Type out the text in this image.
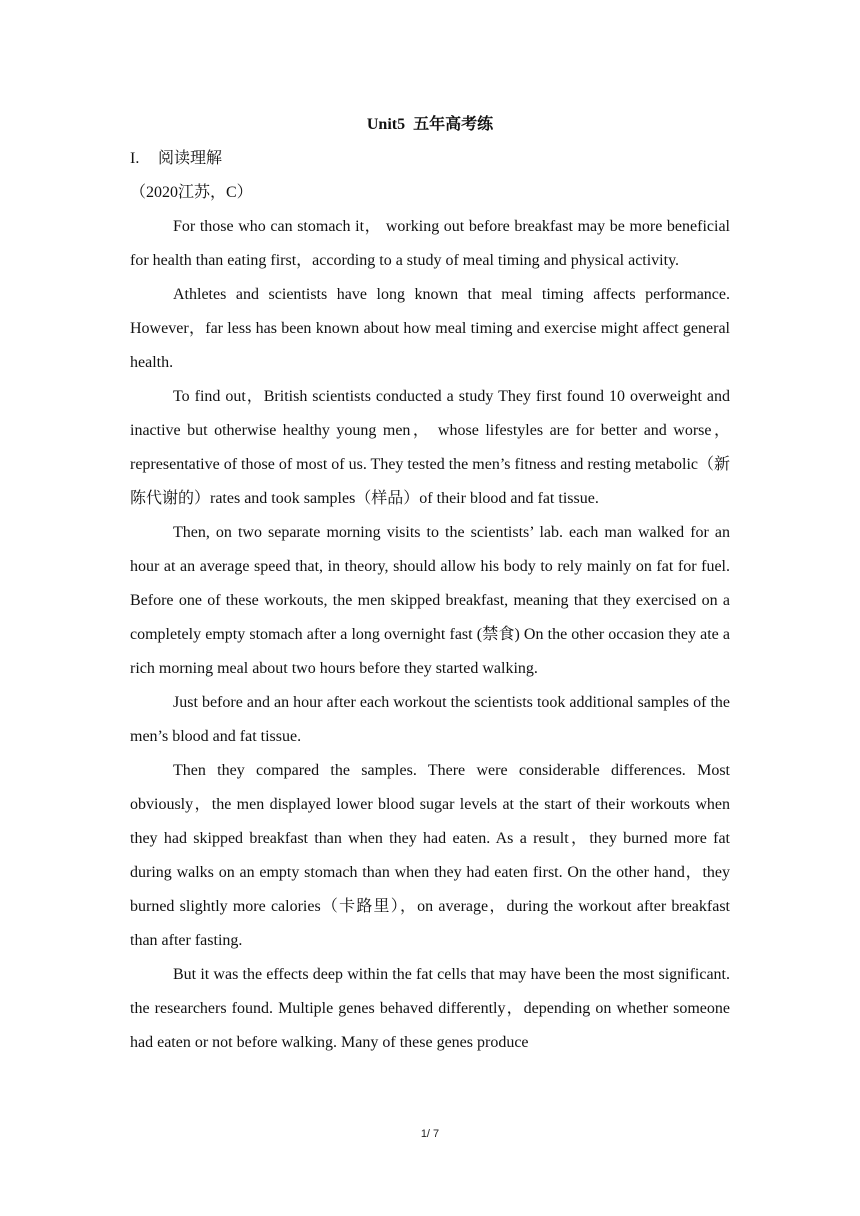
Unit5  五年高考练

I. 阅读理解

（2020江苏，C）

For those who can stomach it， working out before breakfast may be more beneficial for health than eating first，according to a study of meal timing and physical activity.

Athletes and scientists have long known that meal timing affects performance. However，far less has been known about how meal timing and exercise might affect general health.

To find out，British scientists conducted a study They first found 10 overweight and inactive but otherwise healthy young men， whose lifestyles are for better and worse，representative of those of most of us. They tested the men’s fitness and resting metabolic（新陈代谢的）rates and took samples（样品）of their blood and fat tissue.

Then, on two separate morning visits to the scientists’ lab. each man walked for an hour at an average speed that, in theory, should allow his body to rely mainly on fat for fuel. Before one of these workouts, the men skipped breakfast, meaning that they exercised on a completely empty stomach after a long overnight fast (禁食) On the other occasion they ate a rich morning meal about two hours before they started walking.

Just before and an hour after each workout the scientists took additional samples of the men’s blood and fat tissue.

Then they compared the samples. There were considerable differences. Most obviously，the men displayed lower blood sugar levels at the start of their workouts when they had skipped breakfast than when they had eaten. As a result，they burned more fat during walks on an empty stomach than when they had eaten first. On the other hand，they burned slightly more calories（卡路里），on average，during the workout after breakfast than after fasting.

But it was the effects deep within the fat cells that may have been the most significant. the researchers found. Multiple genes behaved differently，depending on whether someone had eaten or not before walking. Many of these genes produce

1/ 7
